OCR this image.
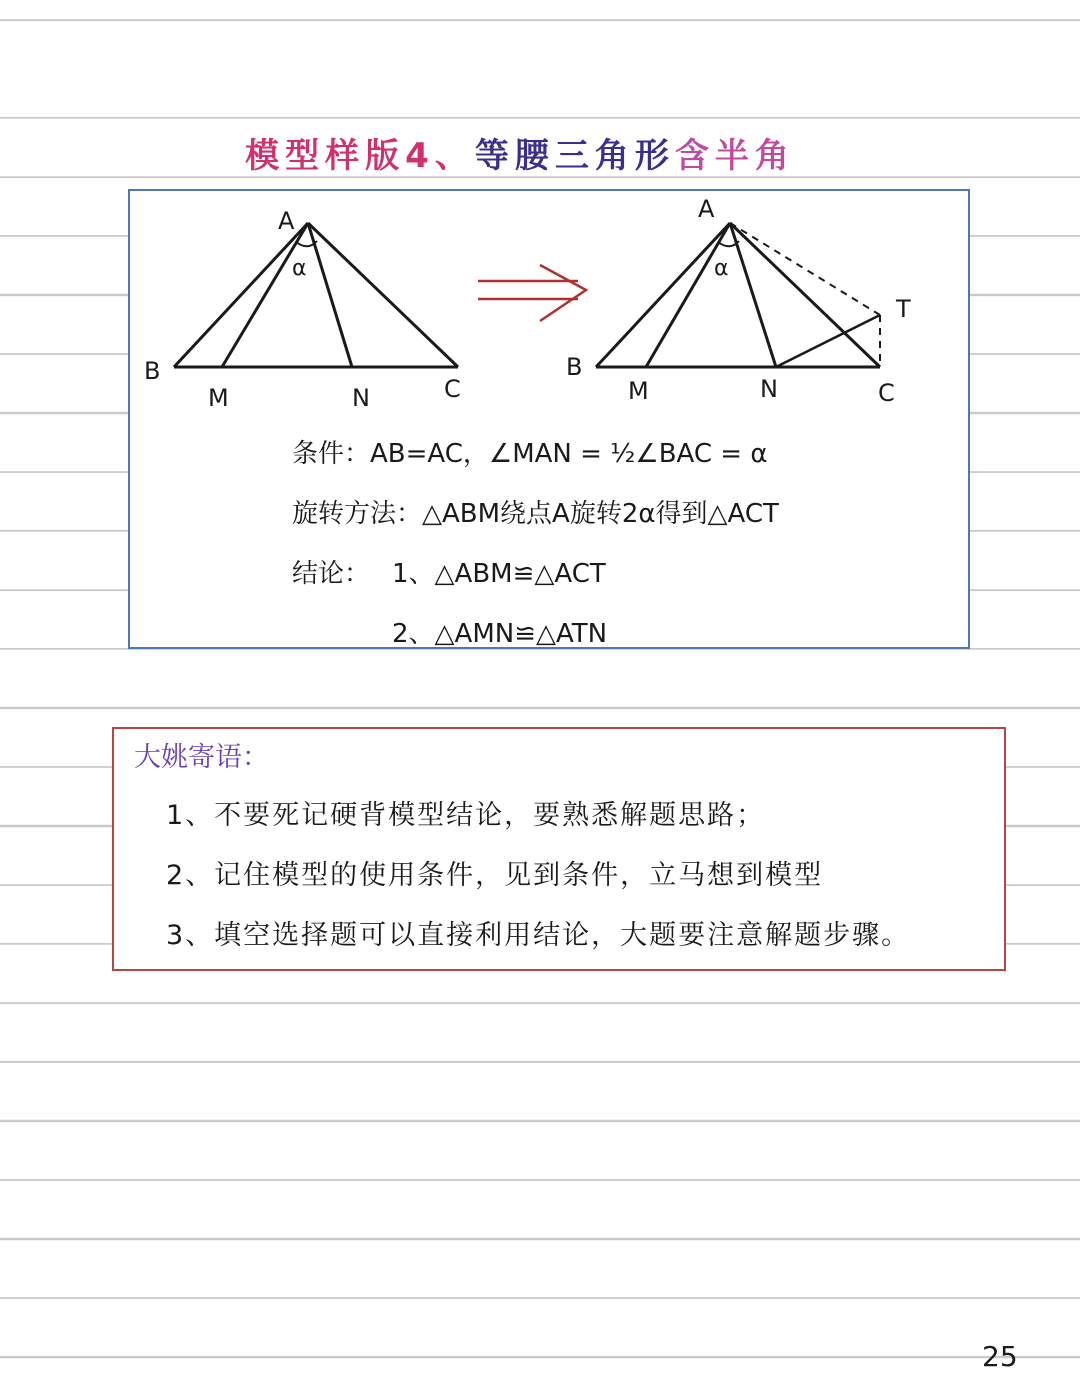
模型样版4、等腰三角形含半角
A
α
B
M	N	C
A
α
T
B
M	N	C
条件：AB=AC，∠MAN = ½∠BAC = α
旋转方法：△ABM绕点A旋转2α得到△ACT
结论： 1、△ABM≌△ACT
2、△AMN≌△ATN
大姚寄语：
1、不要死记硬背模型结论，要熟悉解题思路；
2、记住模型的使用条件，见到条件，立马想到模型
3、填空选择题可以直接利用结论，大题要注意解题步骤。
25
